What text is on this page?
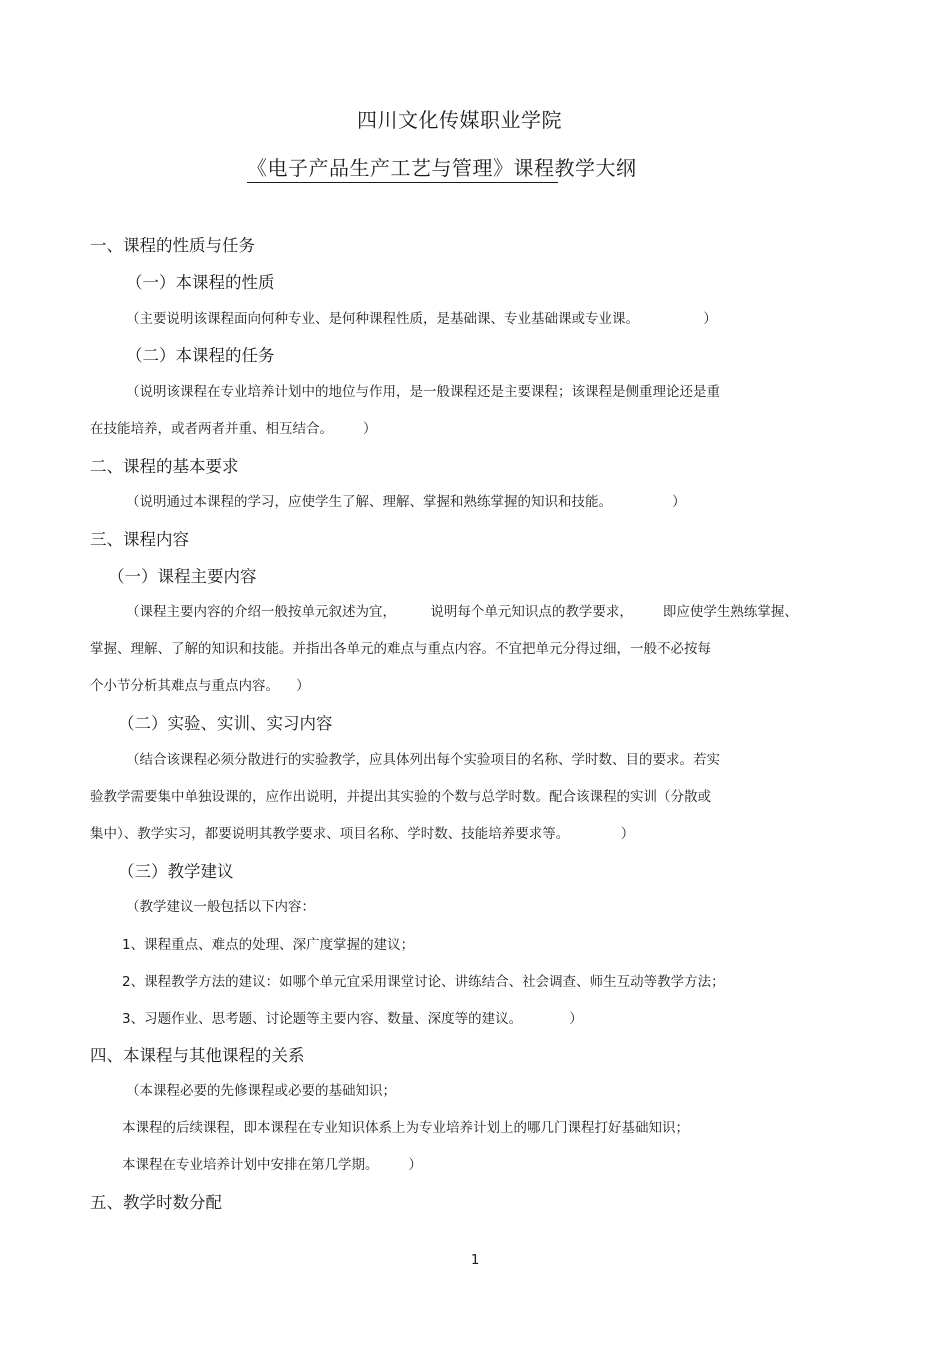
四川文化传媒职业学院
《电子产品生产工艺与管理》课程教学大纲
一、课程的性质与任务
（一）本课程的性质
（主要说明该课程面向何种专业、是何种课程性质，是基础课、专业基础课或专业课。               ）
（二）本课程的任务
（说明该课程在专业培养计划中的地位与作用，是一般课程还是主要课程；该课程是侧重理论还是重
在技能培养，或者两者并重、相互结合。       ）
二、课程的基本要求
（说明通过本课程的学习，应使学生了解、理解、掌握和熟练掌握的知识和技能。              ）
三、课程内容
（一）课程主要内容
（课程主要内容的介绍一般按单元叙述为宜，        说明每个单元知识点的教学要求，       即应使学生熟练掌握、
掌握、理解、了解的知识和技能。并指出各单元的难点与重点内容。不宜把单元分得过细，一般不必按每
个小节分析其难点与重点内容。    ）
（二）实验、实训、实习内容
（结合该课程必须分散进行的实验教学，应具体列出每个实验项目的名称、学时数、目的要求。若实
验教学需要集中单独设课的，应作出说明，并提出其实验的个数与总学时数。配合该课程的实训（分散或
集中）、教学实习，都要说明其教学要求、项目名称、学时数、技能培养要求等。            ）
（三）教学建议
（教学建议一般包括以下内容：
1、课程重点、难点的处理、深广度掌握的建议；
2、课程教学方法的建议：如哪个单元宜采用课堂讨论、讲练结合、社会调查、师生互动等教学方法；
3、习题作业、思考题、讨论题等主要内容、数量、深度等的建议。           ）
四、本课程与其他课程的关系
（本课程必要的先修课程或必要的基础知识；
本课程的后续课程，即本课程在专业知识体系上为专业培养计划上的哪几门课程打好基础知识；
本课程在专业培养计划中安排在第几学期。       ）
五、教学时数分配
1
